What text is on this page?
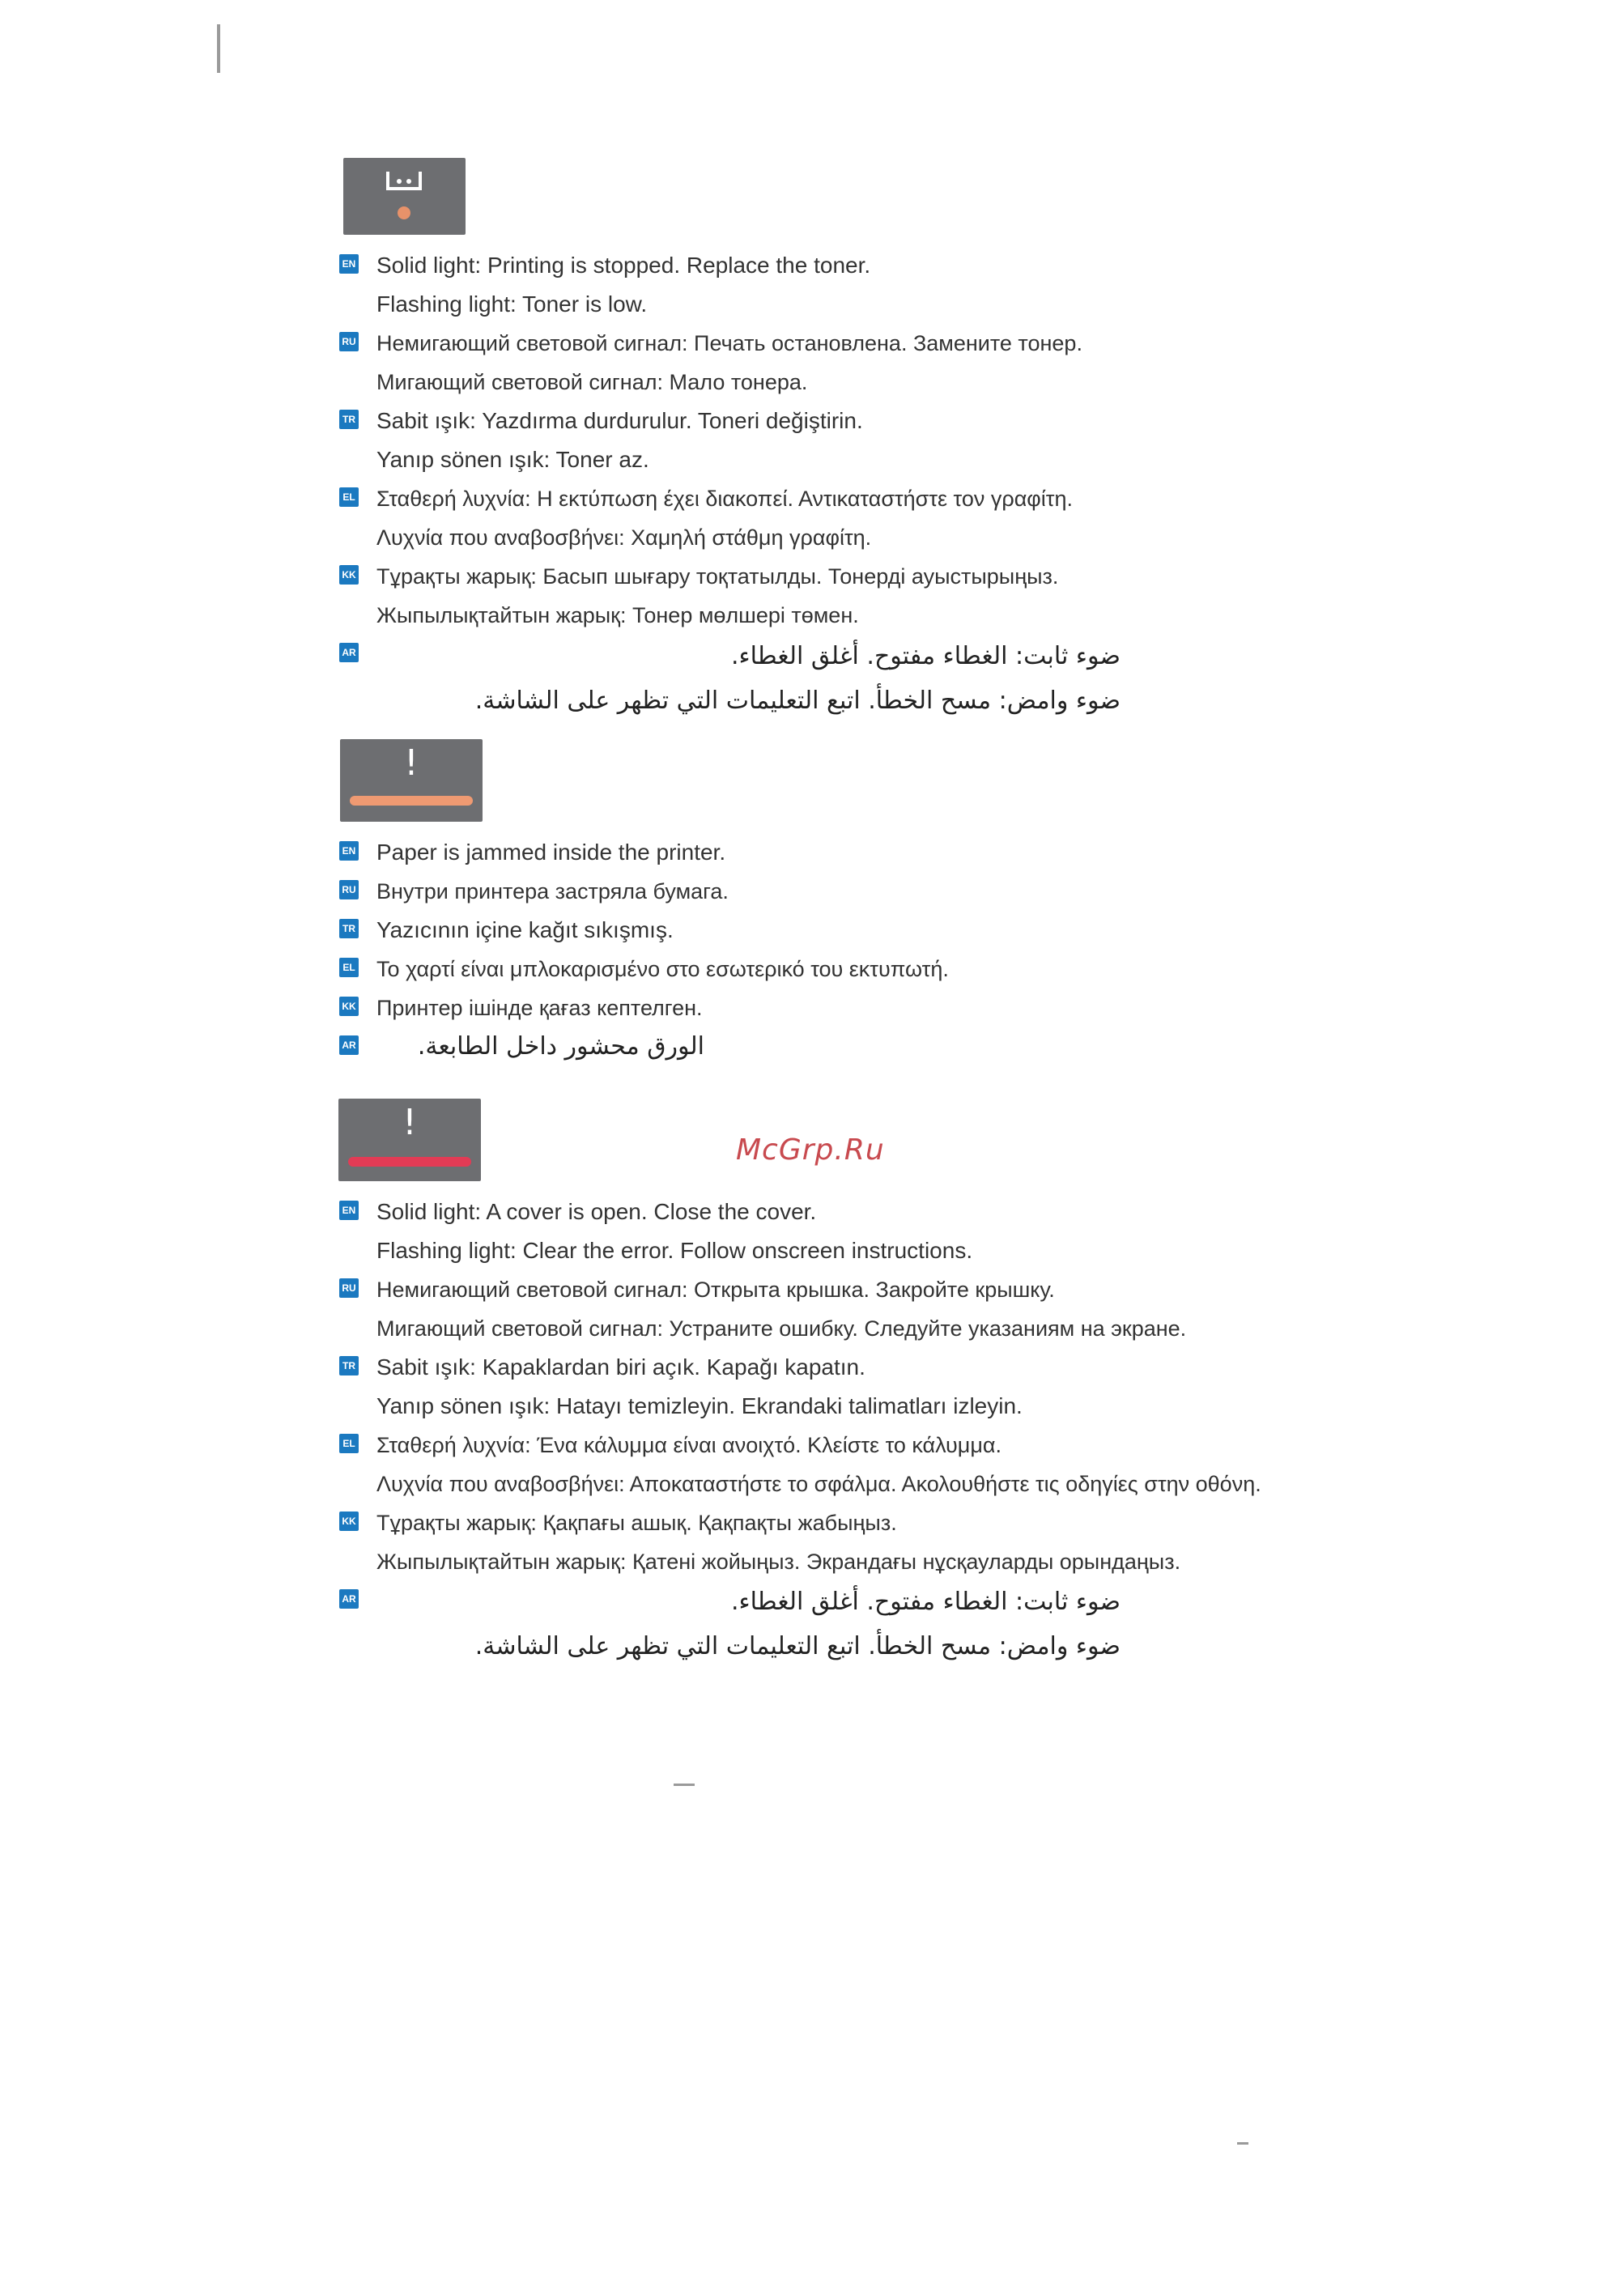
EN Solid light: Printing is stopped. Replace the toner.
Flashing light: Toner is low.
RU Немигающий световой сигнал: Печать остановлена. Замените тонер.
Мигающий световой сигнал: Мало тонера.
TR Sabit ışık: Yazdırma durdurulur. Toneri değiştirin.
Yanıp sönen ışık: Toner az.
EL Σταθερή λυχνία: Η εκτύπωση έχει διακοπεί. Αντικαταστήστε τον γραφίτη.
Λυχνία που αναβοσβήνει: Χαμηλή στάθμη γραφίτη.
KK Тұрақты жарық: Басып шығару тоқтатылды. Тонерді ауыстырыңыз.
Жыпылықтайтын жарық: Тонер мөлшері төмен.
AR	ضوء ثابت: الغطاء مفتوح. أغلق الغطاء.
ضوء وامض: مسح الخطأ. اتبع التعليمات التي تظهر على الشاشة.
!
EN Paper is jammed inside the printer.
RU Внутри принтера застряла бумага.
TR Yazıcının içine kağıt sıkışmış.
EL Το χαρτί είναι μπλοκαρισμένο στο εσωτερικό του εκτυπωτή.
KK Принтер ішінде қағаз кептелген.
AR	الورق محشور داخل الطابعة.
McGrp.Ru
!
EN Solid light: A cover is open. Close the cover.
Flashing light: Clear the error. Follow onscreen instructions.
RU Немигающий световой сигнал: Открыта крышка. Закройте крышку.
Мигающий световой сигнал: Устраните ошибку. Следуйте указаниям на экране.
TR Sabit ışık: Kapaklardan biri açık. Kapağı kapatın.
Yanıp sönen ışık: Hatayı temizleyin. Ekrandaki talimatları izleyin.
EL Σταθερή λυχνία: Ένα κάλυμμα είναι ανοιχτό. Κλείστε το κάλυμμα.
Λυχνία που αναβοσβήνει: Αποκαταστήστε το σφάλμα. Ακολουθήστε τις οδηγίες στην οθόνη.
KK Тұрақты жарық: Қақпағы ашық. Қақпақты жабыңыз.
Жыпылықтайтын жарық: Қатені жойыңыз. Экрандағы нұсқауларды орындаңыз.
AR	ضوء ثابت: الغطاء مفتوح. أغلق الغطاء.
ضوء وامض: مسح الخطأ. اتبع التعليمات التي تظهر على الشاشة.
